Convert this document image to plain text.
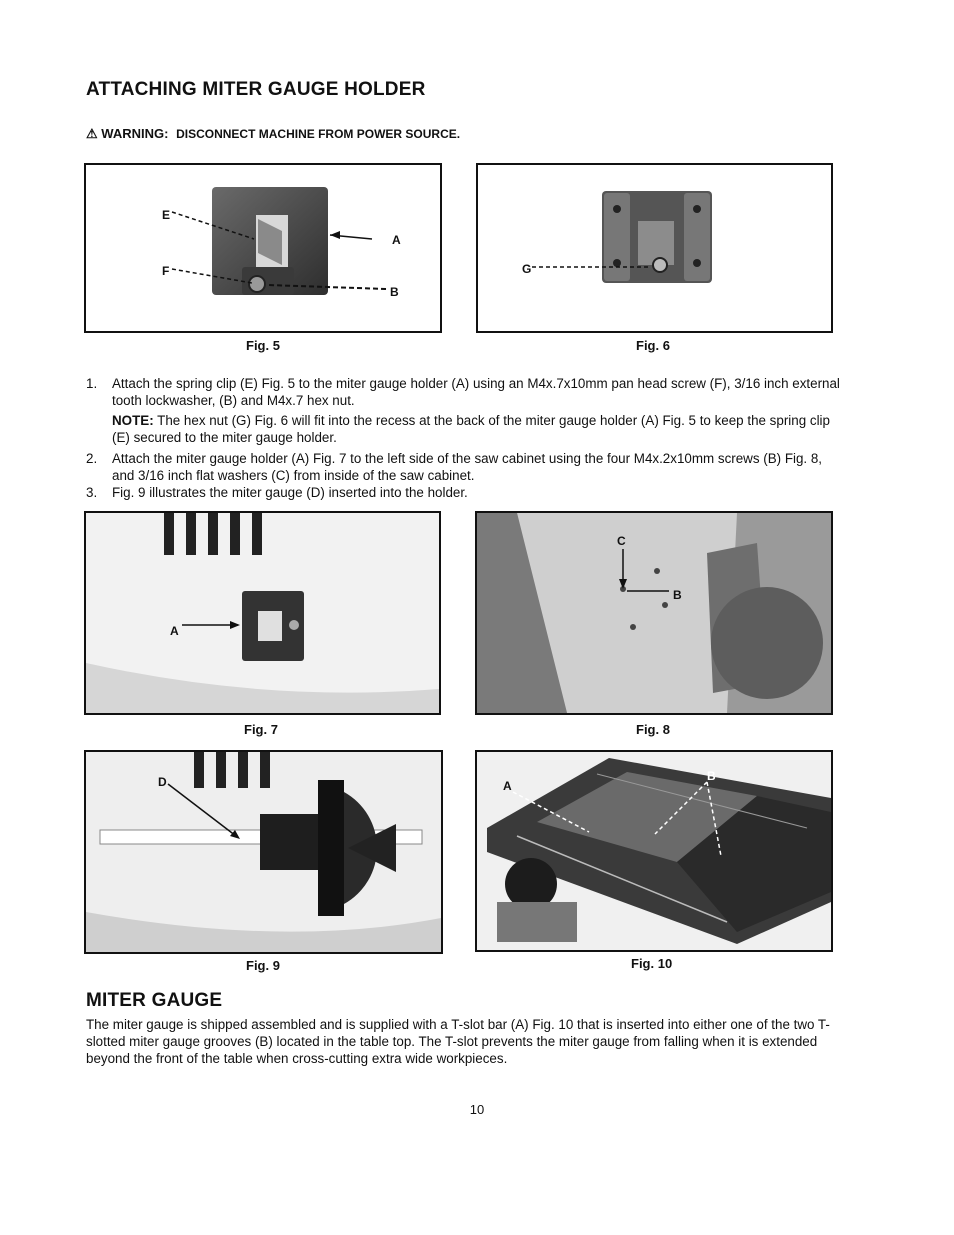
ATTACHING MITER GAUGE HOLDER
⚠ WARNING: DISCONNECT MACHINE FROM POWER SOURCE.
E
A
F
B
Fig. 5
G
Fig. 6
1. Attach the spring clip (E) Fig. 5 to the miter gauge holder (A) using an M4x.7x10mm pan head screw (F), 3/16 inch external tooth lockwasher, (B) and M4x.7 hex nut.
NOTE: The hex nut (G) Fig. 6 will fit into the recess at the back of the miter gauge holder (A) Fig. 5 to keep the spring clip (E) secured to the miter gauge holder.
2. Attach the miter gauge holder (A) Fig. 7 to the left side of the saw cabinet using the four M4x.2x10mm screws (B) Fig. 8, and 3/16 inch flat washers (C) from inside of the saw cabinet.
3. Fig. 9 illustrates the miter gauge (D) inserted into the holder.
A
Fig. 7
C
B
Fig. 8
D
Fig. 9
A
B
Fig. 10
MITER GAUGE
The miter gauge is shipped assembled and is supplied with a T-slot bar (A) Fig. 10 that is inserted into either one of the two T-slotted miter gauge grooves (B) located in the table top. The T-slot prevents the miter gauge from falling when it is extended beyond the front of the table when cross-cutting extra wide workpieces.
10
